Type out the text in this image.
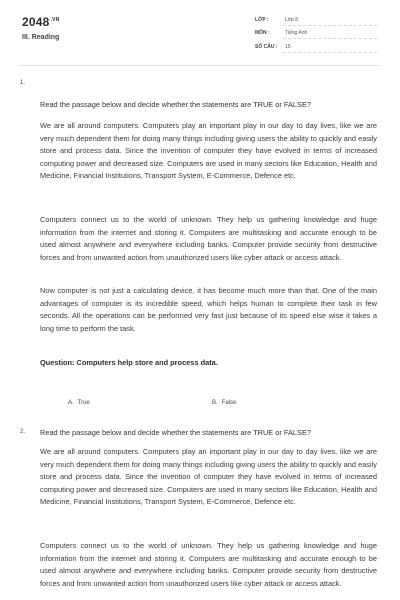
$2048^{.VN}$
III. Reading
LỚP :	Lớp 8
MÔN :	Tiếng Anh
SỐ CÂU : 15
1.
Read the passage below and decide whether the statements are TRUE or FALSE?

We are all around computers. Computers play an important play in our day to day lives, like we are very much dependent them for doing many things including giving users the ability to quickly and easily store and process data. Since the invention of computer they have evolved in terms of increased computing power and decreased size. Computers are used in many sectors like Education, Health and Medicine, Financial Institutions, Transport System, E-Commerce, Defence etc.

Computers connect us to the world of unknown. They help us gathering knowledge and huge information from the internet and storing it. Computers are multitasking and accurate enough to be used almost anywhere and everywhere including banks. Computer provide security from destructive forces and from unwanted action from unauthorized users like cyber attack or access attack.

Now computer is not just a calculating device, it has become much more than that. One of the main advantages of computer is its incredible speed, which helps human to complete their task in few seconds. All the operations can be performed very fast just because of its speed else wise it takes a long time to perform the task.

Question: Computers help store and process data.
A. True	B. False
2. Read the passage below and decide whether the statements are TRUE or FALSE?

We are all around computers. Computers play an important play in our day to day lives, like we are very much dependent them for doing many things including giving users the ability to quickly and easily store and process data. Since the invention of computer they have evolved in terms of increased computing power and decreased size. Computers are used in many sectors like Education, Health and Medicine, Financial Institutions, Transport System, E-Commerce, Defence etc.

Computers connect us to the world of unknown. They help us gathering knowledge and huge information from the internet and storing it. Computers are multitasking and accurate enough to be used almost anywhere and everywhere including banks. Computer provide security from destructive forces and from unwanted action from unauthorized users like cyber attack or access attack.
